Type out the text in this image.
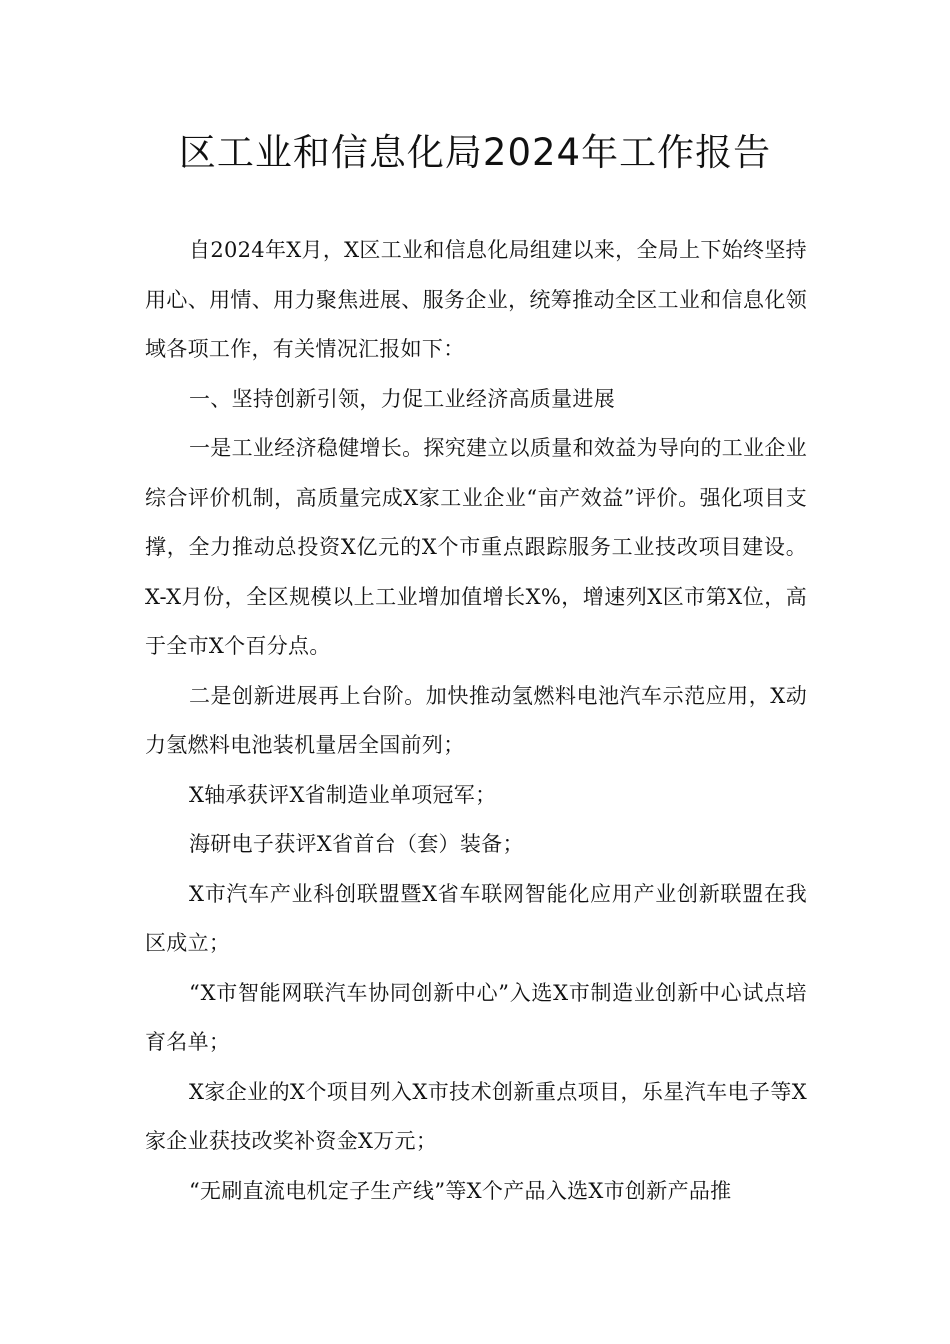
区工业和信息化局2024年工作报告

自2024年X月，X区工业和信息化局组建以来，全局上下始终坚持用心、用情、用力聚焦进展、服务企业，统筹推动全区工业和信息化领域各项工作，有关情况汇报如下：

一、坚持创新引领，力促工业经济高质量进展

一是工业经济稳健增长。探究建立以质量和效益为导向的工业企业综合评价机制，高质量完成X家工业企业“亩产效益”评价。强化项目支撑，全力推动总投资X亿元的X个市重点跟踪服务工业技改项目建设。X-X月份，全区规模以上工业增加值增长X%，增速列X区市第X位，高于全市X个百分点。

二是创新进展再上台阶。加快推动氢燃料电池汽车示范应用，X动力氢燃料电池装机量居全国前列；

X轴承获评X省制造业单项冠军；

海研电子获评X省首台（套）装备；

X市汽车产业科创联盟暨X省车联网智能化应用产业创新联盟在我区成立；

“X市智能网联汽车协同创新中心”入选X市制造业创新中心试点培育名单；

X家企业的X个项目列入X市技术创新重点项目，乐星汽车电子等X家企业获技改奖补资金X万元；

“无刷直流电机定子生产线”等X个产品入选X市创新产品推
